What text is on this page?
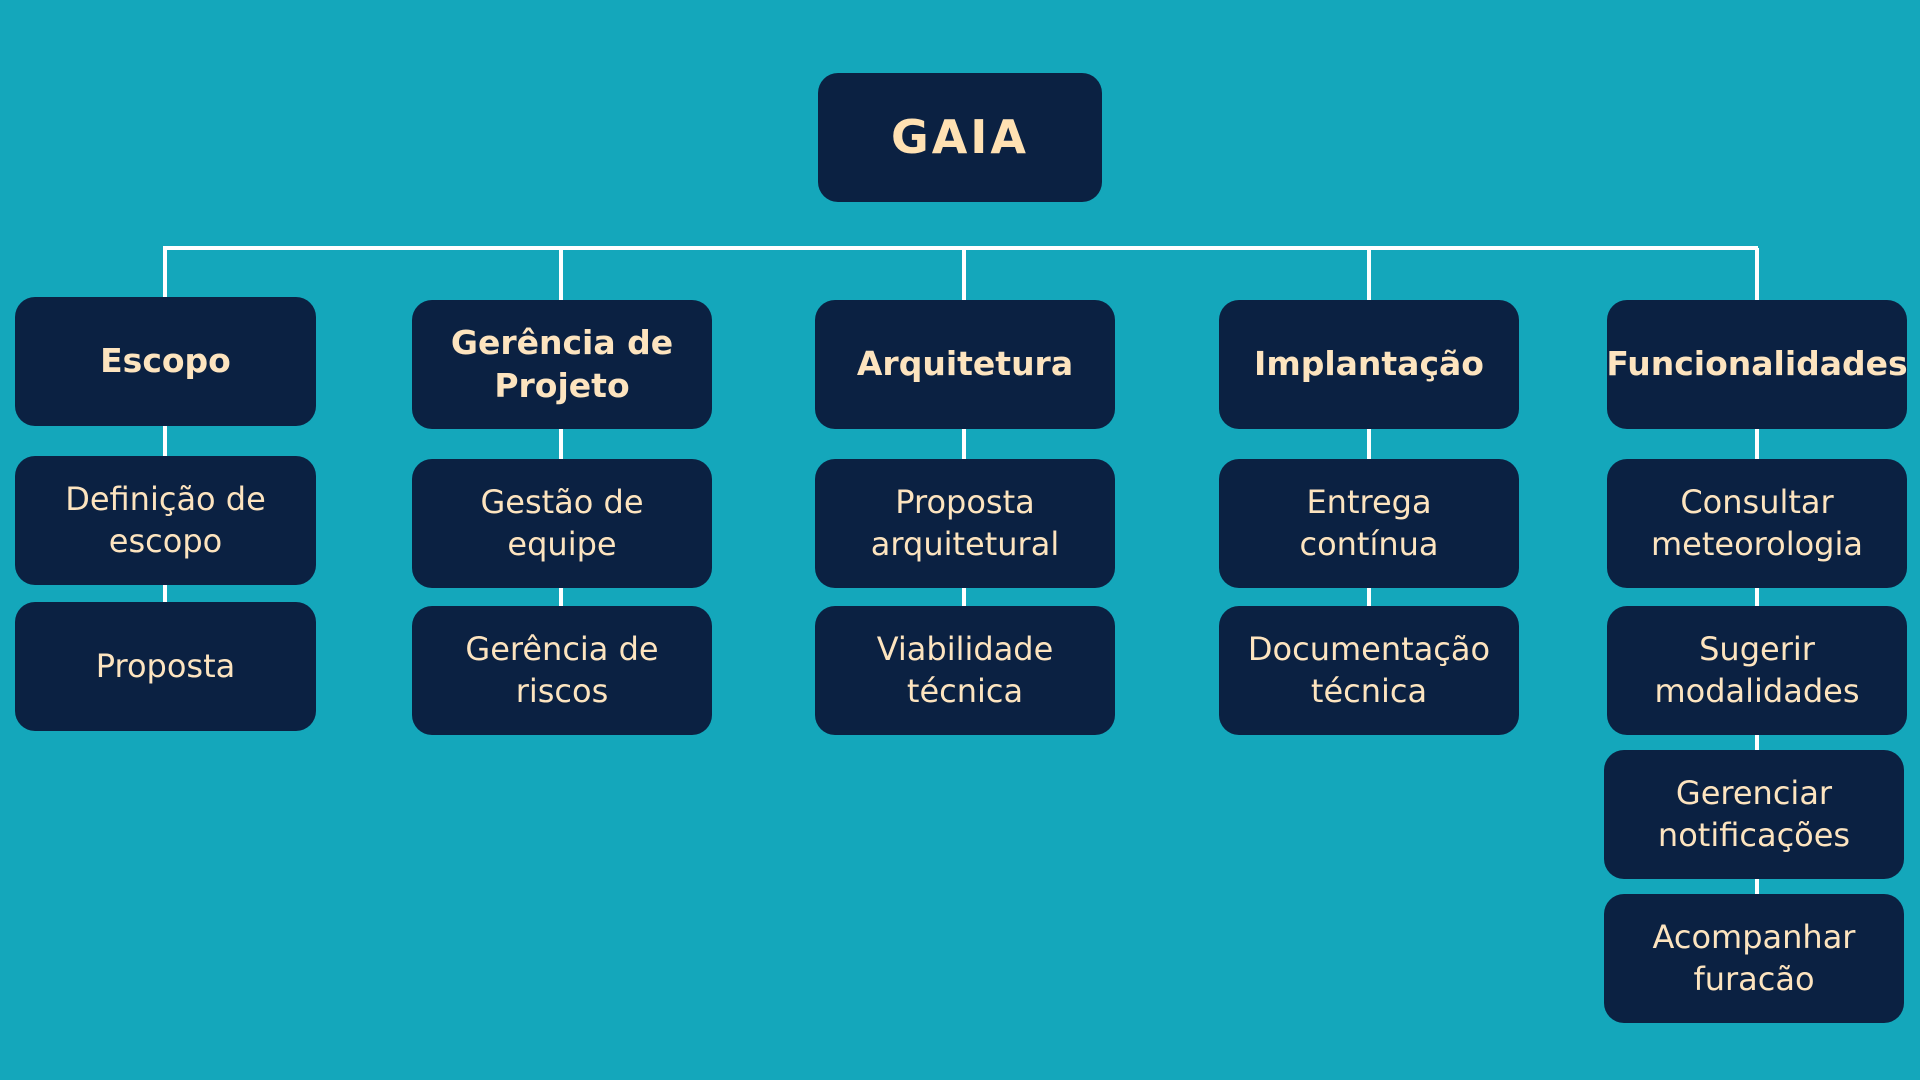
GAIA
Escopo
Definição de
escopo
Proposta
Gerência de
Projeto
Gestão de
equipe
Gerência de
riscos
Arquitetura
Proposta
arquitetural
Viabilidade
técnica
Implantação
Entrega
contínua
Documentação
técnica
Funcionalidades
Consultar
meteorologia
Sugerir
modalidades
Gerenciar
notificações
Acompanhar
furacão
